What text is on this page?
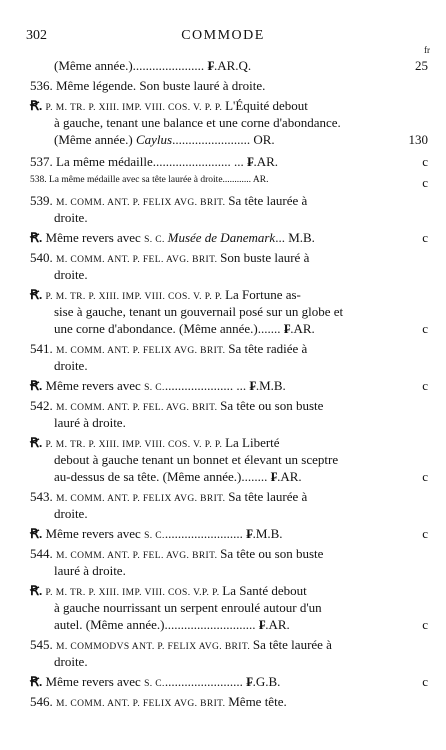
302	COMMODE
fr
(Même année.)...................... ₣.AR.Q.	25
536. Même légende. Son buste lauré à droite.
Ꞧ. P. M. TR. P. XIII. IMP. VIII. COS. V. P. P. L'Équité debout
à gauche, tenant une balance et une corne d'abondance.
(Même année.) Caylus........................ OR.	130
537. La même médaille........................ ... ₣.AR.	c
538. La même médaille avec sa tête laurée à droite............ AR.	c
539. M. COMM. ANT. P. FELIX AVG. BRIT. Sa tête laurée à
droite.
Ꞧ. Même revers avec S. C. Musée de Danemark... M.B.	c
540. M. COMM. ANT. P. FEL. AVG. BRIT. Son buste lauré à
droite.
Ꞧ. P. M. TR. P. XIII. IMP. VIII. COS. V. P. P. La Fortune as-
sise à gauche, tenant un gouvernail posé sur un globe et
une corne d'abondance. (Même année.)....... ₣.AR.	c
541. M. COMM. ANT. P. FELIX AVG. BRIT. Sa tête radiée à
droite.
Ꞧ. Même revers avec S. C...................... ... ₣.M.B.	c
542. M. COMM. ANT. P. FEL. AVG. BRIT. Sa tête ou son buste
lauré à droite.
Ꞧ. P. M. TR. P. XIII. IMP. VIII. COS. V. P. P. La Liberté
debout à gauche tenant un bonnet et élevant un sceptre
au-dessus de sa tête. (Même année.)........ ₣.AR.	c
543. M. COMM. ANT. P. FELIX AVG. BRIT. Sa tête laurée à
droite.
Ꞧ. Même revers avec S. C......................... ₣.M.B.	c
544. M. COMM. ANT. P. FEL. AVG. BRIT. Sa tête ou son buste
lauré à droite.
Ꞧ. P. M. TR. P. XIII. IMP. VIII. COS. V.P. P. La Santé debout
à gauche nourrissant un serpent enroulé autour d'un
autel. (Même année.)............................ ₣.AR.	c
545. M. COMMODVS ANT. P. FELIX AVG. BRIT. Sa tête laurée à
droite.
Ꞧ. Même revers avec S. C......................... ₣.G.B.	c
546. M. COMM. ANT. P. FELIX AVG. BRIT. Même tête.
